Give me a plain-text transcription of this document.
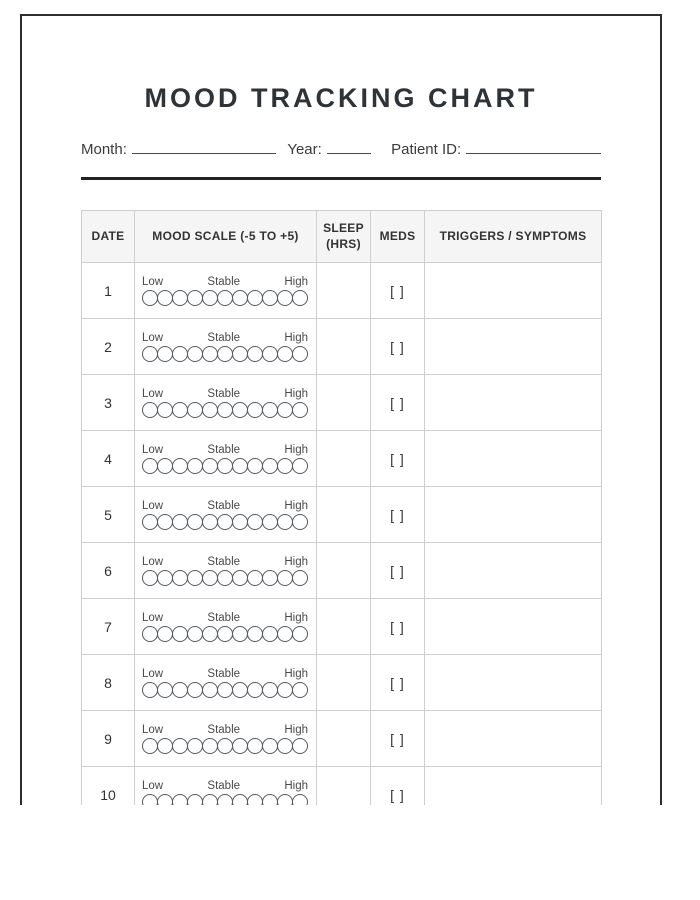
MOOD TRACKING CHART
Month:	Year:	Patient ID:
DATE	MOOD SCALE (-5 TO +5)	SLEEP (HRS)	MEDS	TRIGGERS / SYMPTOMS
1	Low Stable High		[ ]	
2	Low Stable High		[ ]	
3	Low Stable High		[ ]	
4	Low Stable High		[ ]	
5	Low Stable High		[ ]	
6	Low Stable High		[ ]	
7	Low Stable High		[ ]	
8	Low Stable High		[ ]	
9	Low Stable High		[ ]	
10	Low Stable High		[ ]	
